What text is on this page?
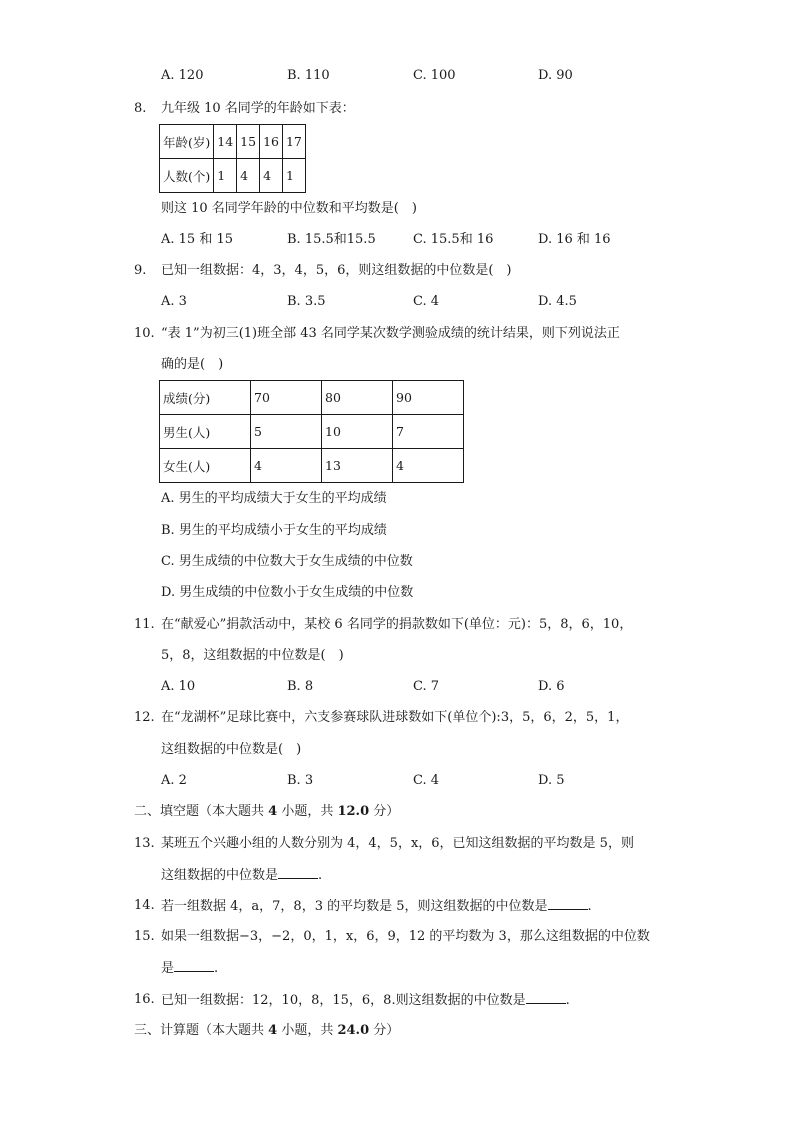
A. 120	B. 110	C. 100	D. 90
8. 九年级 10 名同学的年龄如下表：
年龄(岁)	14	15	16	17
人数(个)	1	4	4	1
则这 10 名同学年龄的中位数和平均数是(　)
A. 15 和 15	B. 15.5和15.5	C. 15.5和 16	D. 16 和 16
9. 已知一组数据：4，3，4，5，6，则这组数据的中位数是(　)
A. 3	B. 3.5	C. 4	D. 4.5
10. “表 1”为初三(1)班全部 43 名同学某次数学测验成绩的统计结果，则下列说法正
确的是(　)
成绩(分)	70	80	90
男生(人)	5	10	7
女生(人)	4	13	4
A. 男生的平均成绩大于女生的平均成绩
B. 男生的平均成绩小于女生的平均成绩
C. 男生成绩的中位数大于女生成绩的中位数
D. 男生成绩的中位数小于女生成绩的中位数
11. 在“献爱心”捐款活动中，某校 6 名同学的捐款数如下(单位：元)：5，8，6，10，
5，8，这组数据的中位数是(　)
A. 10	B. 8	C. 7	D. 6
12. 在“龙湖杯”足球比赛中，六支参赛球队进球数如下(单位个):3，5，6，2，5，1，
这组数据的中位数是(　)
A. 2	B. 3	C. 4	D. 5
二、填空题（本大题共 4 小题，共 12.0 分）
13. 某班五个兴趣小组的人数分别为 4，4，5，x，6，已知这组数据的平均数是 5，则
这组数据的中位数是	.
14. 若一组数据 4，a，7，8，3 的平均数是 5，则这组数据的中位数是	.
15. 如果一组数据−3，−2，0，1，x，6，9，12 的平均数为 3，那么这组数据的中位数
是	.
16. 已知一组数据：12，10，8，15，6，8.则这组数据的中位数是	.
三、计算题（本大题共 4 小题，共 24.0 分）
